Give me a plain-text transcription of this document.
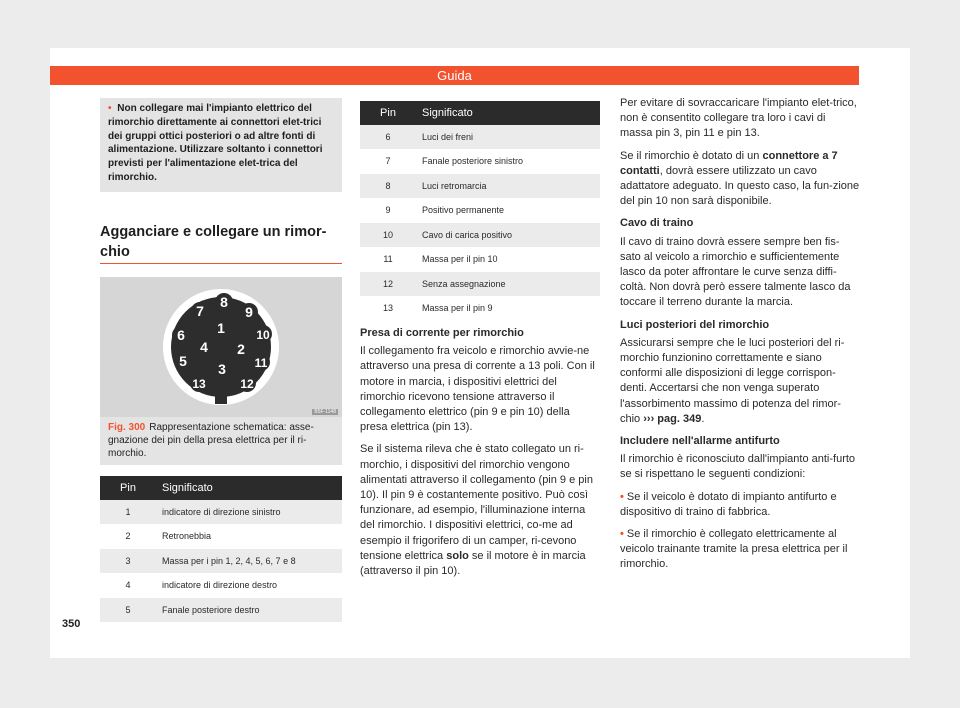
Guida
• Non collegare mai l'impianto elettrico del rimorchio direttamente ai connettori elet-trici dei gruppi ottici posteriori o ad altre fonti di alimentazione. Utilizzare soltanto i connettori previsti per l'alimentazione elet-trica del rimorchio.
Agganciare e collegare un rimor-chio
1
2
3
4
5
6
7
8
9
10
11
12
13
B5F-1148
Fig. 300 Rappresentazione schematica: asse-gnazione dei pin della presa elettrica per il ri-morchio.
Pin	Significato
1	indicatore di direzione sinistro
2	Retronebbia
3	Massa per i pin 1, 2, 4, 5, 6, 7 e 8
4	indicatore di direzione destro
5	Fanale posteriore destro
350
Pin	Significato
6	Luci dei freni
7	Fanale posteriore sinistro
8	Luci retromarcia
9	Positivo permanente
10	Cavo di carica positivo
11	Massa per il pin 10
12	Senza assegnazione
13	Massa per il pin 9
Presa di corrente per rimorchio

Il collegamento fra veicolo e rimorchio avvie-ne attraverso una presa di corrente a 13 poli. Con il motore in marcia, i dispositivi elettrici del rimorchio ricevono tensione attraverso il collegamento elettrico (pin 9 e pin 10) della presa elettrica (pin 13).

Se il sistema rileva che è stato collegato un ri-morchio, i dispositivi del rimorchio vengono alimentati attraverso il collegamento (pin 9 e pin 10). Il pin 9 è costantemente positivo. Può così funzionare, ad esempio, l'illuminazione interna del rimorchio. I dispositivi elettrici, co-me ad esempio il frigorifero di un camper, ri-cevono tensione elettrica solo se il motore è in marcia (attraverso il pin 10).

Per evitare di sovraccaricare l'impianto elet-trico, non è consentito collegare tra loro i cavi di massa pin 3, pin 11 e pin 13.

Se il rimorchio è dotato di un connettore a 7 contatti, dovrà essere utilizzato un cavo adattatore adeguato. In questo caso, la fun-zione del pin 10 non sarà disponibile.

Cavo di traino

Il cavo di traino dovrà essere sempre ben fis-sato al veicolo a rimorchio e sufficientemente lasco da poter affrontare le curve senza diffi-coltà. Non dovrà però essere talmente lasco da toccare il terreno durante la marcia.

Luci posteriori del rimorchio

Assicurarsi sempre che le luci posteriori del ri-morchio funzionino correttamente e siano conformi alle disposizioni di legge corrispon-denti. Accertarsi che non venga superato l'assorbimento massimo di potenza del rimor-chio ››› pag. 349.

Includere nell'allarme antifurto

Il rimorchio è riconosciuto dall'impianto anti-furto se si rispettano le seguenti condizioni:

• Se il veicolo è dotato di impianto antifurto e dispositivo di traino di fabbrica.

• Se il rimorchio è collegato elettricamente al veicolo trainante tramite la presa elettrica per il rimorchio.
